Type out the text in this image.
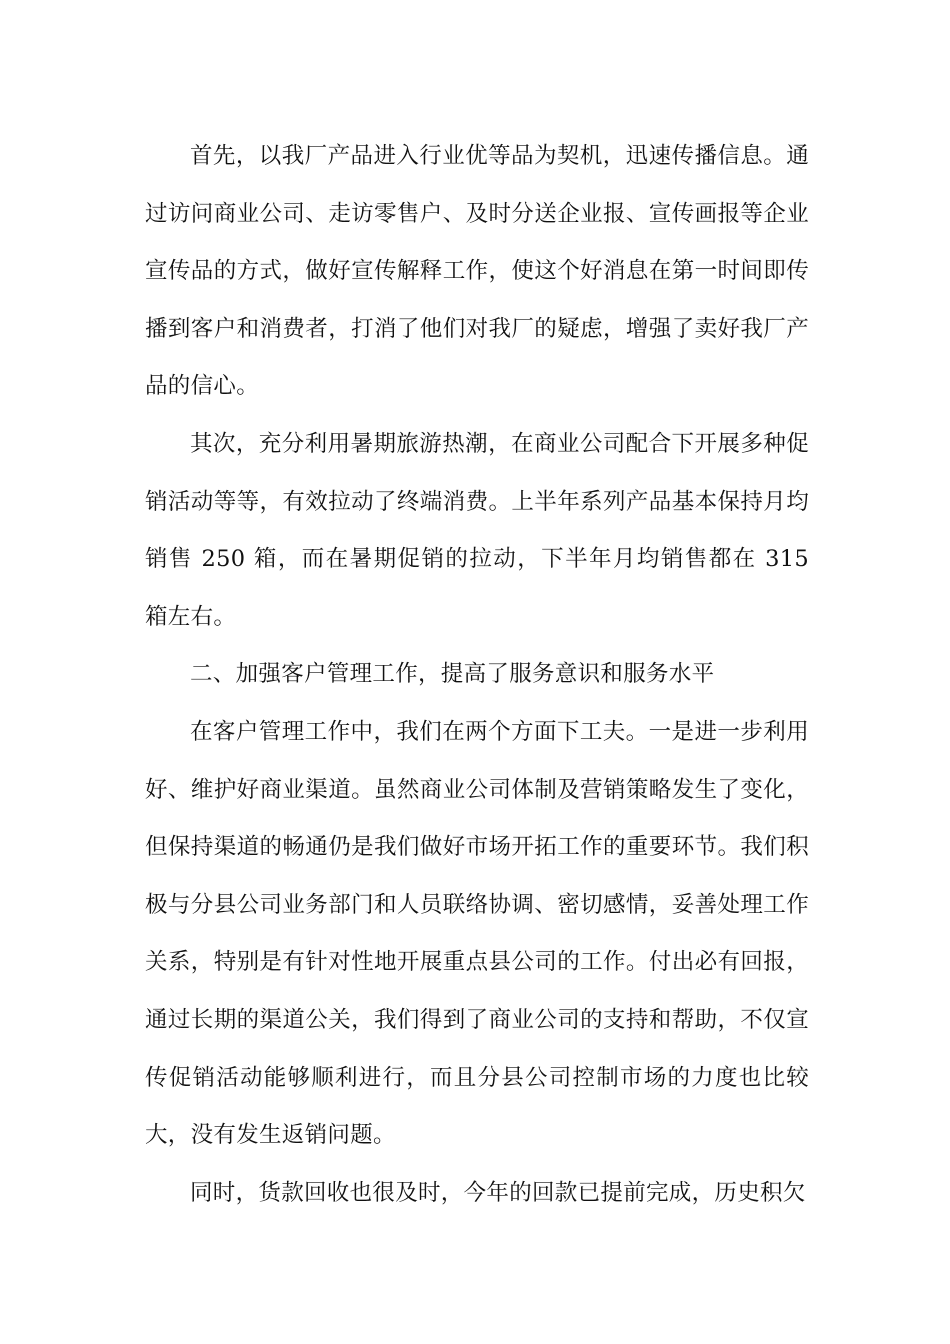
首先，以我厂产品进入行业优等品为契机，迅速传播信息。通过访问商业公司、走访零售户、及时分送企业报、宣传画报等企业宣传品的方式，做好宣传解释工作，使这个好消息在第一时间即传播到客户和消费者，打消了他们对我厂的疑虑，增强了卖好我厂产品的信心。

其次，充分利用暑期旅游热潮，在商业公司配合下开展多种促销活动等等，有效拉动了终端消费。上半年系列产品基本保持月均销售 250 箱，而在暑期促销的拉动，下半年月均销售都在 315 箱左右。

二、加强客户管理工作，提高了服务意识和服务水平

在客户管理工作中，我们在两个方面下工夫。一是进一步利用好、维护好商业渠道。虽然商业公司体制及营销策略发生了变化，但保持渠道的畅通仍是我们做好市场开拓工作的重要环节。我们积极与分县公司业务部门和人员联络协调、密切感情，妥善处理工作关系，特别是有针对性地开展重点县公司的工作。付出必有回报，通过长期的渠道公关，我们得到了商业公司的支持和帮助，不仅宣传促销活动能够顺利进行，而且分县公司控制市场的力度也比较大，没有发生返销问题。

同时，货款回收也很及时，今年的回款已提前完成，历史积欠
